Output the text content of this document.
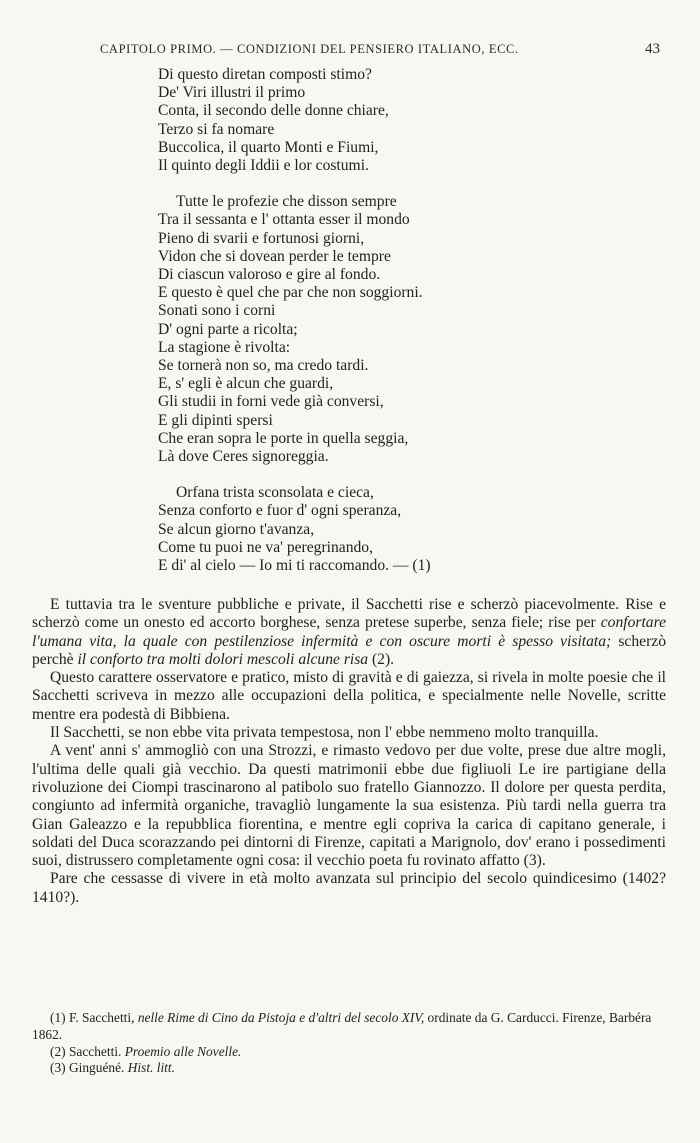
CAPITOLO PRIMO. — CONDIZIONI DEL PENSIERO ITALIANO, ECC.	43
Di questo diretan composti stimo?
De' Viri illustri il primo
Conta, il secondo delle donne chiare,
Terzo si fa nomare
Buccolica, il quarto Monti e Fiumi,
Il quinto degli Iddii e lor costumi.
Tutte le profezie che disson sempre
Tra il sessanta e l' ottanta esser il mondo
Pieno di svarii e fortunosi giorni,
Vidon che si dovean perder le tempre
Di ciascun valoroso e gire al fondo.
E questo è quel che par che non soggiorni.
Sonati sono i corni
D' ogni parte a ricolta;
La stagione è rivolta:
Se tornerà non so, ma credo tardi.
E, s' egli è alcun che guardi,
Gli studii in forni vede già conversi,
E gli dipinti spersi
Che eran sopra le porte in quella seggia,
Là dove Ceres signoreggia.
Orfana trista sconsolata e cieca,
Senza conforto e fuor d' ogni speranza,
Se alcun giorno t'avanza,
Come tu puoi ne va' peregrinando,
E di' al cielo — Io mi ti raccomando. — (1)

E tuttavia tra le sventure pubbliche e private, il Sacchetti rise e scherzò piacevolmente. Rise e scherzò come un onesto ed accorto borghese, senza pretese superbe, senza fiele; rise per confortare l'umana vita, la quale con pestilenziose infermità e con oscure morti è spesso visitata; scherzò perchè il conforto tra molti dolori mescoli alcune risa (2).

Questo carattere osservatore e pratico, misto di gravità e di gaiezza, si rivela in molte poesie che il Sacchetti scriveva in mezzo alle occupazioni della politica, e specialmente nelle Novelle, scritte mentre era podestà di Bibbiena.

Il Sacchetti, se non ebbe vita privata tempestosa, non l' ebbe nemmeno molto tranquilla.

A vent' anni s' ammogliò con una Strozzi, e rimasto vedovo per due volte, prese due altre mogli, l'ultima delle quali già vecchio. Da questi matrimonii ebbe due figliuoli Le ire partigiane della rivoluzione dei Ciompi trascinarono al patibolo suo fratello Giannozzo. Il dolore per questa perdita, congiunto ad infermità organiche, travagliò lungamente la sua esistenza. Più tardi nella guerra tra Gian Galeazzo e la repubblica fiorentina, e mentre egli copriva la carica di capitano generale, i soldati del Duca scorazzando pei dintorni di Firenze, capitati a Marignolo, dov' erano i possedimenti suoi, distrussero completamente ogni cosa: il vecchio poeta fu rovinato affatto (3).

Pare che cessasse di vivere in età molto avanzata sul principio del secolo quindicesimo (1402? 1410?).

(1) F. Sacchetti, nelle Rime di Cino da Pistoja e d'altri del secolo XIV, ordinate da G. Carducci. Firenze, Barbéra 1862.

(2) Sacchetti. Proemio alle Novelle.

(3) Ginguéné. Hist. litt.
